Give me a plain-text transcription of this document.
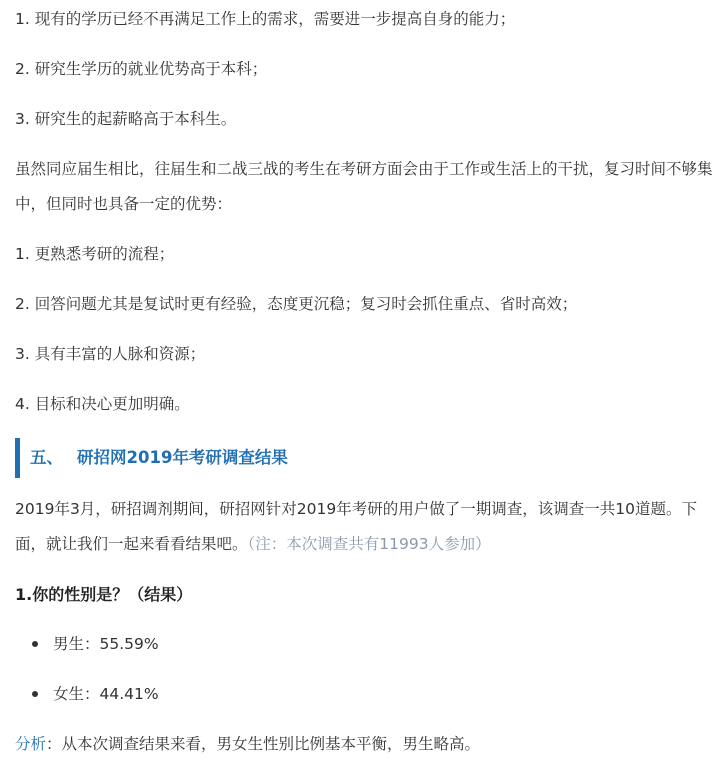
1. 现有的学历已经不再满足工作上的需求，需要进一步提高自身的能力；

2. 研究生学历的就业优势高于本科；

3. 研究生的起薪略高于本科生。

虽然同应届生相比，往届生和二战三战的考生在考研方面会由于工作或生活上的干扰，复习时间不够集中，但同时也具备一定的优势：

1. 更熟悉考研的流程；

2. 回答问题尤其是复试时更有经验，态度更沉稳；复习时会抓住重点、省时高效；

3. 具有丰富的人脉和资源；

4. 目标和决心更加明确。

五、 研招网2019年考研调查结果

2019年3月，研招调剂期间，研招网针对2019年考研的用户做了一期调查，该调查一共10道题。下面，就让我们一起来看看结果吧。（注：本次调查共有11993人参加）

1.你的性别是？（结果）

男生：55.59%
女生：44.41%

分析：从本次调查结果来看，男女生性别比例基本平衡，男生略高。
